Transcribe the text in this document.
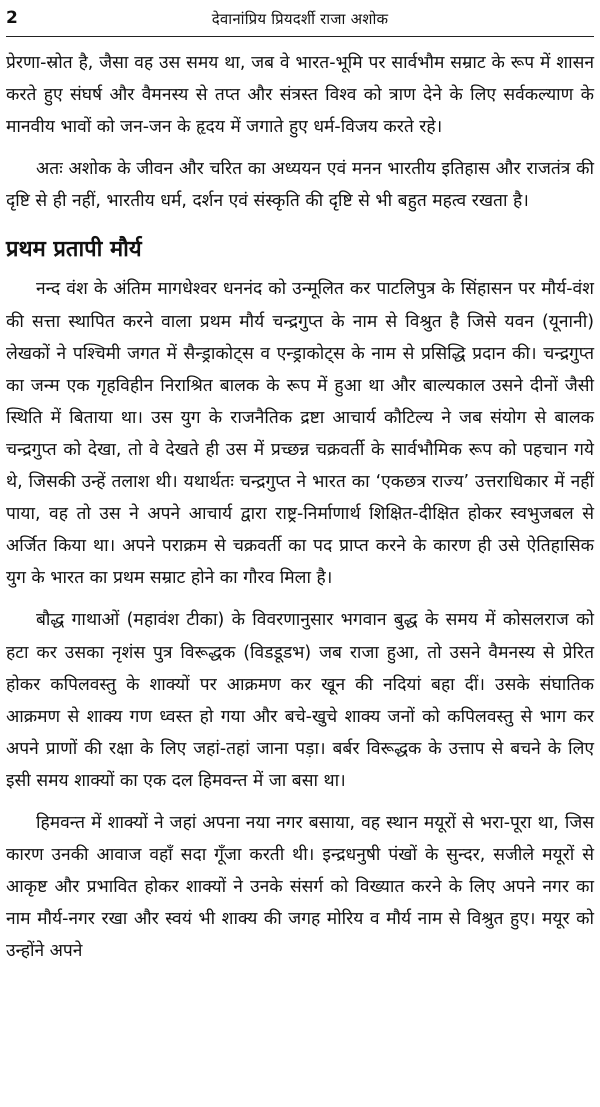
2	देवानांप्रिय प्रियदर्शी राजा अशोक

प्रेरणा-स्रोत है, जैसा वह उस समय था, जब वे भारत-भूमि पर सार्वभौम सम्राट के रूप में शासन करते हुए संघर्ष और वैमनस्य से तप्त और संत्रस्त विश्व को त्राण देने के लिए सर्वकल्याण के मानवीय भावों को जन-जन के हृदय में जगाते हुए धर्म-विजय करते रहे।

अतः अशोक के जीवन और चरित का अध्ययन एवं मनन भारतीय इतिहास और राजतंत्र की दृष्टि से ही नहीं, भारतीय धर्म, दर्शन एवं संस्कृति की दृष्टि से भी बहुत महत्व रखता है।

प्रथम प्रतापी मौर्य

नन्द वंश के अंतिम मागधेश्वर धननंद को उन्मूलित कर पाटलिपुत्र के सिंहासन पर मौर्य-वंश की सत्ता स्थापित करने वाला प्रथम मौर्य चन्द्रगुप्त के नाम से विश्रुत है जिसे यवन (यूनानी) लेखकों ने पश्चिमी जगत में सैन्ड्राकोट्स व एन्ड्राकोट्स के नाम से प्रसिद्धि प्रदान की। चन्द्रगुप्त का जन्म एक गृहविहीन निराश्रित बालक के रूप में हुआ था और बाल्यकाल उसने दीनों जैसी स्थिति में बिताया था। उस युग के राजनैतिक द्रष्टा आचार्य कौटिल्य ने जब संयोग से बालक चन्द्रगुप्त को देखा, तो वे देखते ही उस में प्रच्छन्न चक्रवर्ती के सार्वभौमिक रूप को पहचान गये थे, जिसकी उन्हें तलाश थी। यथार्थतः चन्द्रगुप्त ने भारत का ‘एकछत्र राज्य’ उत्तराधिकार में नहीं पाया, वह तो उस ने अपने आचार्य द्वारा राष्ट्र-निर्माणार्थ शिक्षित-दीक्षित होकर स्वभुजबल से अर्जित किया था। अपने पराक्रम से चक्रवर्ती का पद प्राप्त करने के कारण ही उसे ऐतिहासिक युग के भारत का प्रथम सम्राट होने का गौरव मिला है।

बौद्ध गाथाओं (महावंश टीका) के विवरणानुसार भगवान बुद्ध के समय में कोसलराज को हटा कर उसका नृशंस पुत्र विरूद्धक (विडडूडभ) जब राजा हुआ, तो उसने वैमनस्य से प्रेरित होकर कपिलवस्तु के शाक्यों पर आक्रमण कर खून की नदियां बहा दीं। उसके संघातिक आक्रमण से शाक्य गण ध्वस्त हो गया और बचे-खुचे शाक्य जनों को कपिलवस्तु से भाग कर अपने प्राणों की रक्षा के लिए जहां-तहां जाना पड़ा। बर्बर विरूद्धक के उत्ताप से बचने के लिए इसी समय शाक्यों का एक दल हिमवन्त में जा बसा था।

हिमवन्त में शाक्यों ने जहां अपना नया नगर बसाया, वह स्थान मयूरों से भरा-पूरा था, जिस कारण उनकी आवाज वहाँ सदा गूँजा करती थी। इन्द्रधनुषी पंखों के सुन्दर, सजीले मयूरों से आकृष्ट और प्रभावित होकर शाक्यों ने उनके संसर्ग को विख्यात करने के लिए अपने नगर का नाम मौर्य-नगर रखा और स्वयं भी शाक्य की जगह मोरिय व मौर्य नाम से विश्रुत हुए। मयूर को उन्होंने अपने
